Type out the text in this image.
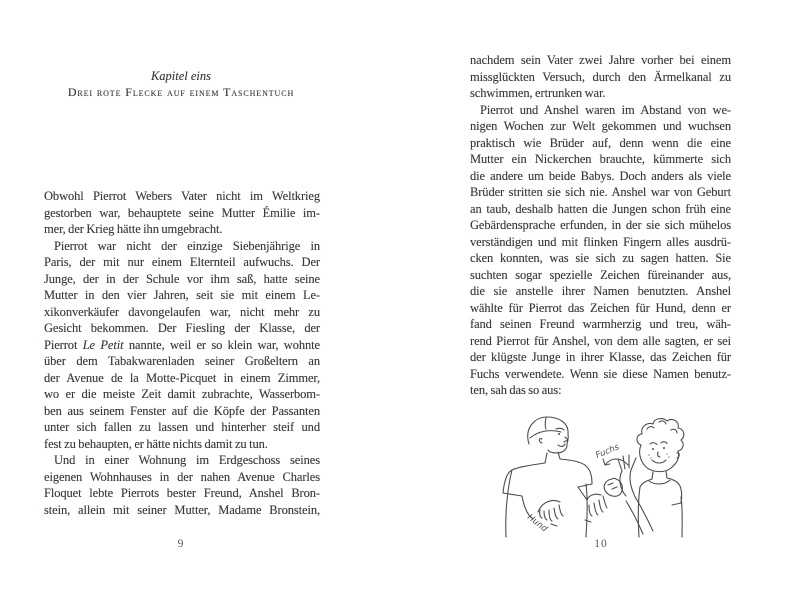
Kapitel eins
Drei rote Flecke auf einem Taschentuch
Obwohl Pierrot Webers Vater nicht im Weltkrieg
gestorben war, behauptete seine Mutter Émilie im-
mer, der Krieg hätte ihn umgebracht.
Pierrot war nicht der einzige Siebenjährige in
Paris, der mit nur einem Elternteil aufwuchs. Der
Junge, der in der Schule vor ihm saß, hatte seine
Mutter in den vier Jahren, seit sie mit einem Le-
xikonverkäufer davongelaufen war, nicht mehr zu
Gesicht bekommen. Der Fiesling der Klasse, der
Pierrot Le Petit nannte, weil er so klein war, wohnte
über dem Tabakwarenladen seiner Großeltern an
der Avenue de la Motte-Picquet in einem Zimmer,
wo er die meiste Zeit damit zubrachte, Wasserbom-
ben aus seinem Fenster auf die Köpfe der Passanten
unter sich fallen zu lassen und hinterher steif und
fest zu behaupten, er hätte nichts damit zu tun.
Und in einer Wohnung im Erdgeschoss seines
eigenen Wohnhauses in der nahen Avenue Charles
Floquet lebte Pierrots bester Freund, Anshel Bron-
stein, allein mit seiner Mutter, Madame Bronstein,
9
nachdem sein Vater zwei Jahre vorher bei einem
missglückten Versuch, durch den Ärmelkanal zu
schwimmen, ertrunken war.
Pierrot und Anshel waren im Abstand von we-
nigen Wochen zur Welt gekommen und wuchsen
praktisch wie Brüder auf, denn wenn die eine
Mutter ein Nickerchen brauchte, kümmerte sich
die andere um beide Babys. Doch anders als viele
Brüder stritten sie sich nie. Anshel war von Geburt
an taub, deshalb hatten die Jungen schon früh eine
Gebärdensprache erfunden, in der sie sich mühelos
verständigen und mit flinken Fingern alles ausdrü-
cken konnten, was sie sich zu sagen hatten. Sie
suchten sogar spezielle Zeichen füreinander aus,
die sie anstelle ihrer Namen benutzten. Anshel
wählte für Pierrot das Zeichen für Hund, denn er
fand seinen Freund warmherzig und treu, wäh-
rend Pierrot für Anshel, von dem alle sagten, er sei
der klügste Junge in ihrer Klasse, das Zeichen für
Fuchs verwendete. Wenn sie diese Namen benutz-
ten, sah das so aus:
Hund
Fuchs
10
